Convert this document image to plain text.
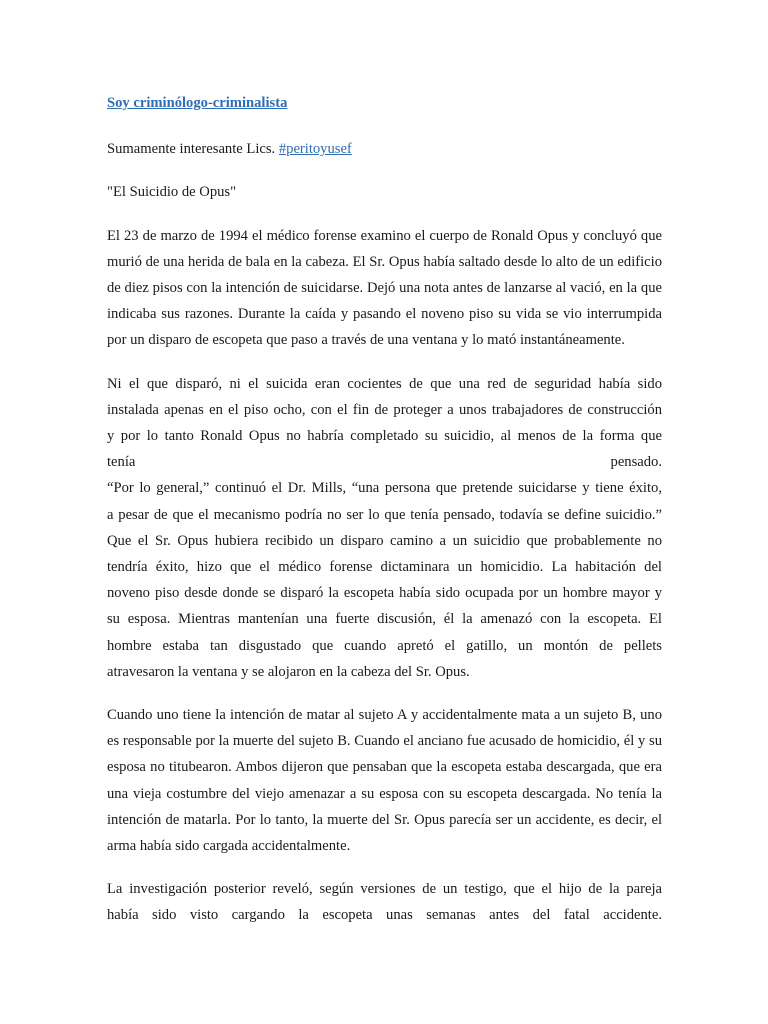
Soy criminólogo-criminalista

Sumamente interesante Lics. #peritoyusef

"El Suicidio de Opus"

El 23 de marzo de 1994 el médico forense examino el cuerpo de Ronald Opus y concluyó que murió de una herida de bala en la cabeza. El Sr. Opus había saltado desde lo alto de un edificio de diez pisos con la intención de suicidarse. Dejó una nota antes de lanzarse al vació, en la que indicaba sus razones. Durante la caída y pasando el noveno piso su vida se vio interrumpida por un disparo de escopeta que paso a través de una ventana y lo mató instantáneamente.

Ni el que disparó, ni el suicida eran cocientes de que una red de seguridad había sido
instalada apenas en el piso ocho, con el fin de proteger a unos trabajadores de construcción
y por lo tanto Ronald Opus no habría completado su suicidio, al menos de la forma que
tenía pensado.
“Por lo general,” continuó el Dr. Mills, “una persona que pretende suicidarse y tiene éxito,
a pesar de que el mecanismo podría no ser lo que tenía pensado, todavía se define suicidio.”
Que el Sr. Opus hubiera recibido un disparo camino a un suicidio que probablemente no
tendría éxito, hizo que el médico forense dictaminara un homicidio. La habitación del
noveno piso desde donde se disparó la escopeta había sido ocupada por un hombre mayor y
su esposa. Mientras mantenían una fuerte discusión, él la amenazó con la escopeta. El
hombre estaba tan disgustado que cuando apretó el gatillo, un montón de pellets
atravesaron la ventana y se alojaron en la cabeza del Sr. Opus.

Cuando uno tiene la intención de matar al sujeto A y accidentalmente mata a un sujeto B, uno es responsable por la muerte del sujeto B. Cuando el anciano fue acusado de homicidio, él y su esposa no titubearon. Ambos dijeron que pensaban que la escopeta estaba descargada, que era una vieja costumbre del viejo amenazar a su esposa con su escopeta descargada. No tenía la intención de matarla. Por lo tanto, la muerte del Sr. Opus parecía ser un accidente, es decir, el arma había sido cargada accidentalmente.

La investigación posterior reveló, según versiones de un testigo, que el hijo de la pareja
había sido visto cargando la escopeta unas semanas antes del fatal accidente.
